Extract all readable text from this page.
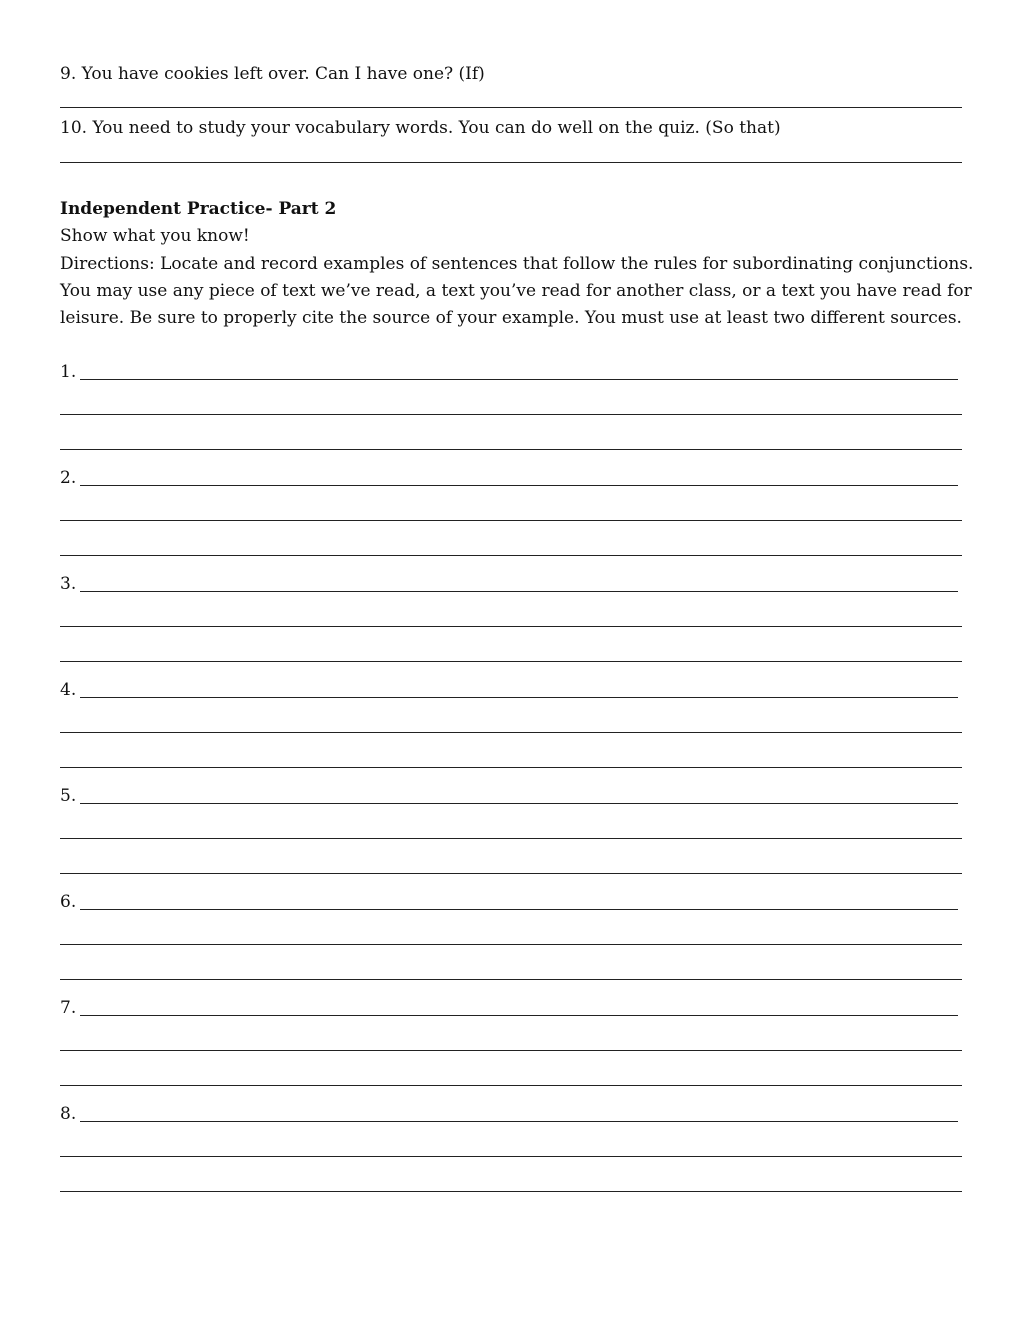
9. You have cookies left over. Can I have one? (If)
10. You need to study your vocabulary words. You can do well on the quiz. (So that)
Independent Practice- Part 2
Show what you know!
Directions: Locate and record examples of sentences that follow the rules for subordinating conjunctions.
You may use any piece of text we’ve read, a text you’ve read for another class, or a text you have read for
leisure. Be sure to properly cite the source of your example. You must use at least two different sources.
1.
2.
3.
4.
5.
6.
7.
8.
